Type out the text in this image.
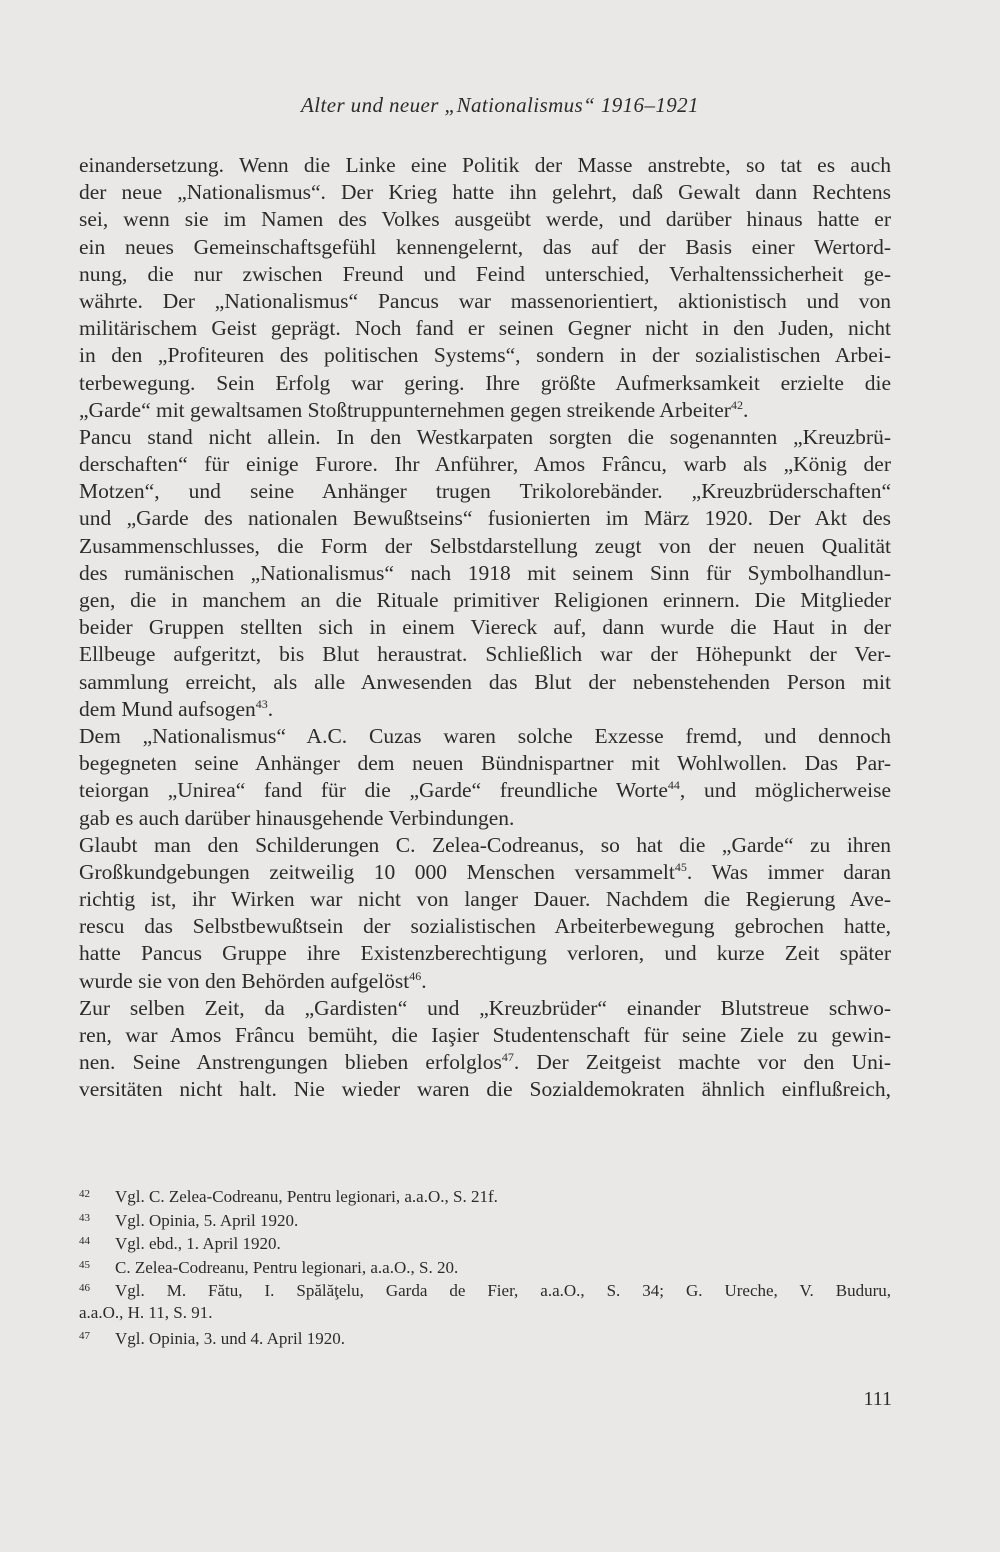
Alter und neuer „Nationalismus“ 1916–1921
einandersetzung. Wenn die Linke eine Politik der Masse anstrebte, so tat es auch
der neue „Nationalismus“. Der Krieg hatte ihn gelehrt, daß Gewalt dann Rechtens
sei, wenn sie im Namen des Volkes ausgeübt werde, und darüber hinaus hatte er
ein neues Gemeinschaftsgefühl kennengelernt, das auf der Basis einer Wertord-
nung, die nur zwischen Freund und Feind unterschied, Verhaltenssicherheit ge-
währte. Der „Nationalismus“ Pancus war massenorientiert, aktionistisch und von
militärischem Geist geprägt. Noch fand er seinen Gegner nicht in den Juden, nicht
in den „Profiteuren des politischen Systems“, sondern in der sozialistischen Arbei-
terbewegung. Sein Erfolg war gering. Ihre größte Aufmerksamkeit erzielte die
„Garde“ mit gewaltsamen Stoßtruppunternehmen gegen streikende Arbeiter$^{42}$.
Pancu stand nicht allein. In den Westkarpaten sorgten die sogenannten „Kreuzbrü-
derschaften“ für einige Furore. Ihr Anführer, Amos Frâncu, warb als „König der
Motzen“, und seine Anhänger trugen Trikolorebänder. „Kreuzbrüderschaften“
und „Garde des nationalen Bewußtseins“ fusionierten im März 1920. Der Akt des
Zusammenschlusses, die Form der Selbstdarstellung zeugt von der neuen Qualität
des rumänischen „Nationalismus“ nach 1918 mit seinem Sinn für Symbolhandlun-
gen, die in manchem an die Rituale primitiver Religionen erinnern. Die Mitglieder
beider Gruppen stellten sich in einem Viereck auf, dann wurde die Haut in der
Ellbeuge aufgeritzt, bis Blut heraustrat. Schließlich war der Höhepunkt der Ver-
sammlung erreicht, als alle Anwesenden das Blut der nebenstehenden Person mit
dem Mund aufsogen$^{43}$.
Dem „Nationalismus“ A.C. Cuzas waren solche Exzesse fremd, und dennoch
begegneten seine Anhänger dem neuen Bündnispartner mit Wohlwollen. Das Par-
teiorgan „Unirea“ fand für die „Garde“ freundliche Worte$^{44}$, und möglicherweise
gab es auch darüber hinausgehende Verbindungen.
Glaubt man den Schilderungen C. Zelea-Codreanus, so hat die „Garde“ zu ihren
Großkundgebungen zeitweilig 10 000 Menschen versammelt$^{45}$. Was immer daran
richtig ist, ihr Wirken war nicht von langer Dauer. Nachdem die Regierung Ave-
rescu das Selbstbewußtsein der sozialistischen Arbeiterbewegung gebrochen hatte,
hatte Pancus Gruppe ihre Existenzberechtigung verloren, und kurze Zeit später
wurde sie von den Behörden aufgelöst$^{46}$.
Zur selben Zeit, da „Gardisten“ und „Kreuzbrüder“ einander Blutstreue schwo-
ren, war Amos Frâncu bemüht, die Iaşier Studentenschaft für seine Ziele zu gewin-
nen. Seine Anstrengungen blieben erfolglos$^{47}$. Der Zeitgeist machte vor den Uni-
versitäten nicht halt. Nie wieder waren die Sozialdemokraten ähnlich einflußreich,
42 Vgl. C. Zelea-Codreanu, Pentru legionari, a.a.O., S. 21f.
43 Vgl. Opinia, 5. April 1920.
44 Vgl. ebd., 1. April 1920.
45 C. Zelea-Codreanu, Pentru legionari, a.a.O., S. 20.
46 Vgl. M. Fătu, I. Spălăţelu, Garda de Fier, a.a.O., S. 34; G. Ureche, V. Buduru,
a.a.O., H. 11, S. 91.
47 Vgl. Opinia, 3. und 4. April 1920.
111
